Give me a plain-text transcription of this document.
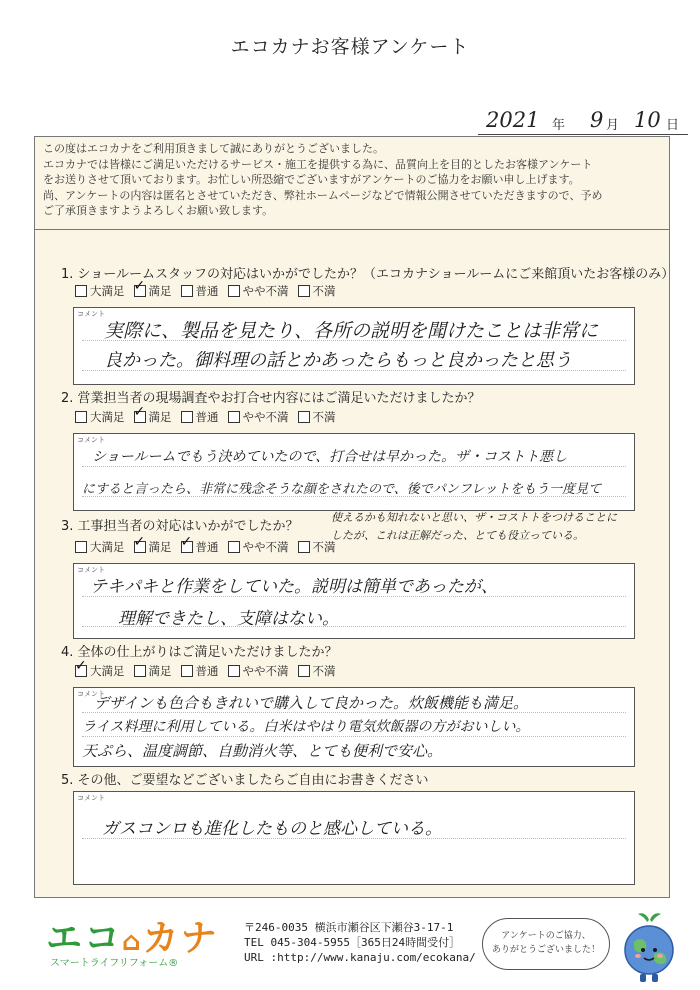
エコカナお客様アンケート
2021 年 9 月 10 日
この度はエコカナをご利用頂きまして誠にありがとうございました。
エコカナでは皆様にご満足いただけるサービス・施工を提供する為に、品質向上を目的としたお客様アンケート
をお送りさせて頂いております。お忙しい所恐縮でございますがアンケートのご協力をお願い申し上げます。
尚、アンケートの内容は匿名とさせていただき、弊社ホームページなどで情報公開させていただきますので、予め
ご了承頂きますようよろしくお願い致します。
1. ショールームスタッフの対応はいかがでしたか？（エコカナショールームにご来館頂いたお客様のみ）
大満足 ✓ 満足 普通 やや不満 不満
コメント
実際に、製品を見たり、各所の説明を聞けたことは非常に
良かった。御料理の話とかあったらもっと良かったと思う
2. 営業担当者の現場調査やお打合せ内容にはご満足いただけましたか？
大満足 ✓ 満足 普通 やや不満 不満
コメント
ショールームでもう決めていたので、打合せは早かった。ザ・コストト悪し
にすると言ったら、非常に残念そうな顔をされたので、後でパンフレットをもう一度見て
3. 工事担当者の対応はいかがでしたか？
使えるかも知れないと思い、ザ・コストトをつけることに
したが、これは正解だった、とても役立っている。
大満足 ✓ 満足 ✓ 普通 やや不満 不満
コメント
テキパキと作業をしていた。説明は簡単であったが、
理解できたし、支障はない。
4. 全体の仕上がりはご満足いただけましたか？
✓
大満足 満足 普通 やや不満 不満
コメント
デザインも色合もきれいで購入して良かった。炊飯機能も満足。
ライス料理に利用している。白米はやはり電気炊飯器の方がおいしい。
天ぷら、温度調節、自動消火等、とても便利で安心。
5. その他、ご要望などございましたらご自由にお書きください
コメント
ガスコンロも進化したものと感心している。
エコ⌂カナ
スマートライフリフォーム®
〒246-0035 横浜市瀬谷区下瀬谷3-17-1
TEL 045-304-5955［365日24時間受付］
URL :http://www.kanaju.com/ecokana/
アンケートのご協力、
ありがとうございました！
